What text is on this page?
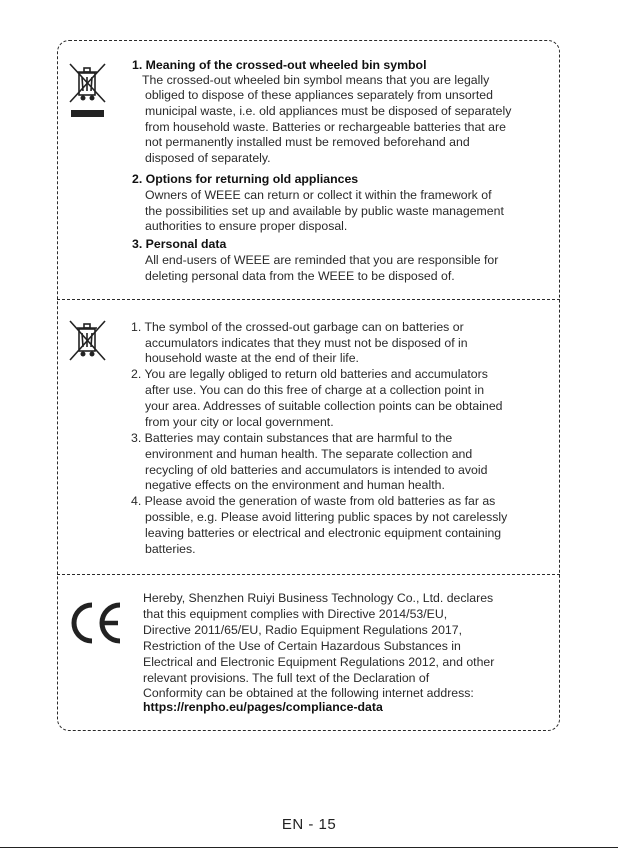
1. Meaning of the crossed-out wheeled bin symbol
The crossed-out wheeled bin symbol means that you are legally
obliged to dispose of these appliances separately from unsorted
municipal waste, i.e. old appliances must be disposed of separately
from household waste. Batteries or rechargeable batteries that are
not permanently installed must be removed beforehand and
disposed of separately.
2. Options for returning old appliances
Owners of WEEE can return or collect it within the framework of
the possibilities set up and available by public waste management
authorities to ensure proper disposal.
3. Personal data
All end-users of WEEE are reminded that you are responsible for
deleting personal data from the WEEE to be disposed of.
1. The symbol of the crossed-out garbage can on batteries or
accumulators indicates that they must not be disposed of in
household waste at the end of their life.
2. You are legally obliged to return old batteries and accumulators
after use. You can do this free of charge at a collection point in
your area. Addresses of suitable collection points can be obtained
from your city or local government.
3. Batteries may contain substances that are harmful to the
environment and human health. The separate collection and
recycling of old batteries and accumulators is intended to avoid
negative effects on the environment and human health.
4. Please avoid the generation of waste from old batteries as far as
possible, e.g. Please avoid littering public spaces by not carelessly
leaving batteries or electrical and electronic equipment containing
batteries.
Hereby, Shenzhen Ruiyi Business Technology Co., Ltd. declares
that this equipment complies with Directive 2014/53/EU,
Directive 2011/65/EU, Radio Equipment Regulations 2017,
Restriction of the Use of Certain Hazardous Substances in
Electrical and Electronic Equipment Regulations 2012, and other
relevant provisions. The full text of the Declaration of
Conformity can be obtained at the following internet address:
https://renpho.eu/pages/compliance-data
EN - 15
